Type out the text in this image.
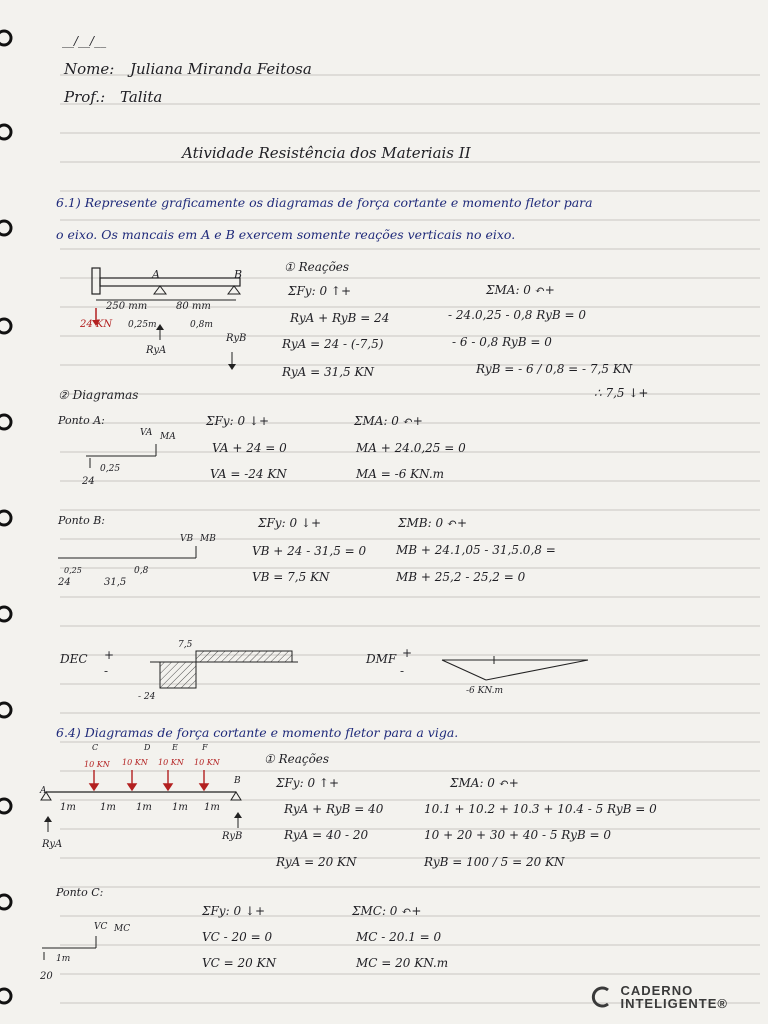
__/__/__
Nome: Juliana Miranda Feitosa
Prof.: Talita
Atividade Resistência dos Materiais II
6.1) Represente graficamente os diagramas de força cortante e momento fletor para
o eixo. Os mancais em A e B exercem somente reações verticais no eixo.
A	B
250 mm	80 mm
24 KN 0,25m	0,8m
RyA
RyB
① Reações
ΣFy: 0 ↑+
RyA + RyB = 24
RyA = 24 - (-7,5)
RyA = 31,5 KN
ΣMA: 0 ↶+
- 24.0,25 - 0,8 RyB = 0
- 6 - 0,8 RyB = 0
RyB = - 6 / 0,8 = - 7,5 KN
∴ 7,5 ↓+
② Diagramas
Ponto A:
VA MA
0,25
24
ΣFy: 0 ↓+
VA + 24 = 0
VA = -24 KN
ΣMA: 0 ↶+
MA + 24.0,25 = 0
MA = -6 KN.m
Ponto B:
VB MB
0,25	0,8
24	31,5
ΣFy: 0 ↓+
VB + 24 - 31,5 = 0
VB = 7,5 KN
ΣMB: 0 ↶+
MB + 24.1,05 - 31,5.0,8 =
MB + 25,2 - 25,2 = 0
DEC +
-
7,5
- 24
DMF +
-
-6 KN.m
6.4) Diagramas de força cortante e momento fletor para a viga.
C	D	E	F
10 KN 10 KN 10 KN 10 KN
A
B
1m 1m 1m 1m 1m
RyA
RyB
① Reações
ΣFy: 0 ↑+
RyA + RyB = 40
RyA = 40 - 20
RyA = 20 KN
ΣMA: 0 ↶+
10.1 + 10.2 + 10.3 + 10.4 - 5 RyB = 0
10 + 20 + 30 + 40 - 5 RyB = 0
RyB = 100 / 5 = 20 KN
Ponto C:
VC MC
1m
20
ΣFy: 0 ↓+
VC - 20 = 0
VC = 20 KN
ΣMC: 0 ↶+
MC - 20.1 = 0
MC = 20 KN.m
CADERNO
INTELIGENTE®
